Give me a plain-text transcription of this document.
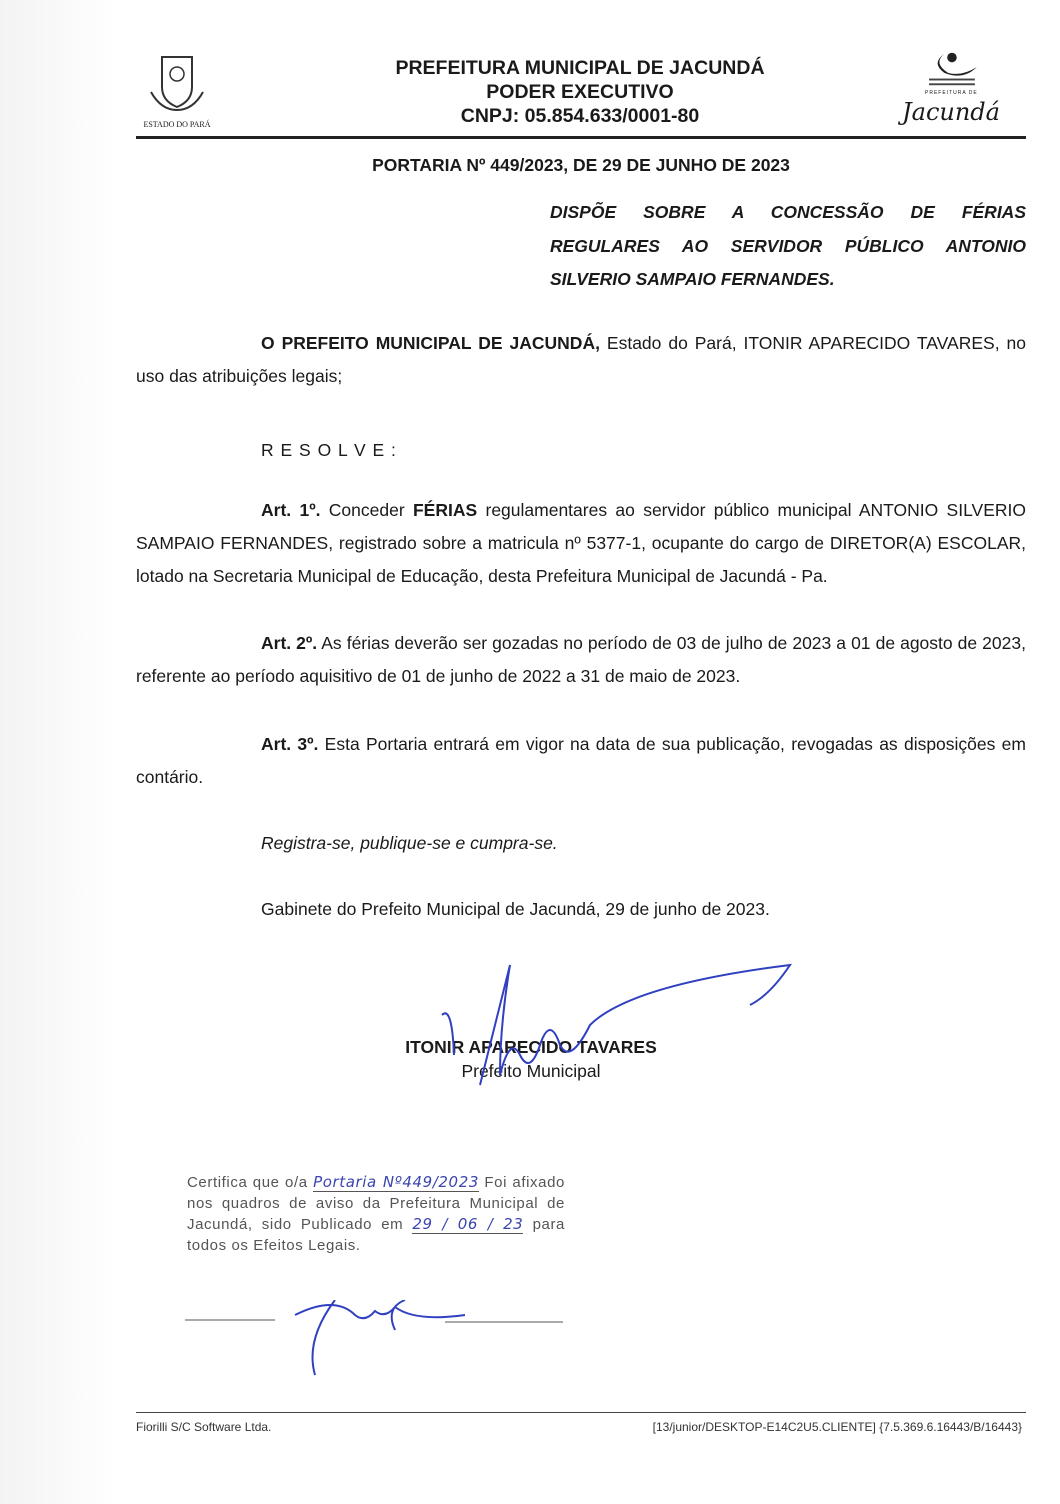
ESTADO DO PARÁ
PREFEITURA MUNICIPAL DE JACUNDÁ
PODER EXECUTIVO
CNPJ: 05.854.633/0001-80
PREFEITURA DE
Jacundá
PORTARIA Nº 449/2023, DE 29 DE JUNHO DE 2023
DISPÕE SOBRE A CONCESSÃO DE FÉRIAS REGULARES AO SERVIDOR PÚBLICO ANTONIO SILVERIO SAMPAIO FERNANDES.
O PREFEITO MUNICIPAL DE JACUNDÁ, Estado do Pará, ITONIR APARECIDO TAVARES, no uso das atribuições legais;
R E S O L V E :
Art. 1º. Conceder FÉRIAS regulamentares ao servidor público municipal ANTONIO SILVERIO SAMPAIO FERNANDES, registrado sobre a matricula nº 5377-1, ocupante do cargo de DIRETOR(A) ESCOLAR, lotado na Secretaria Municipal de Educação, desta Prefeitura Municipal de Jacundá - Pa.
Art. 2º. As férias deverão ser gozadas no período de 03 de julho de 2023 a 01 de agosto de 2023, referente ao período aquisitivo de 01 de junho de 2022 a 31 de maio de 2023.
Art. 3º. Esta Portaria entrará em vigor na data de sua publicação, revogadas as disposições em contário.
Registra-se, publique-se e cumpra-se.
Gabinete do Prefeito Municipal de Jacundá, 29 de junho de 2023.
ITONIR APARECIDO TAVARES
Prefeito Municipal
Certifica que o/a Portaria Nº449/2023 Foi afixado nos quadros de aviso da Prefeitura Municipal de Jacundá, sido Publicado em 29 / 06 / 23 para todos os Efeitos Legais.
Fiorilli S/C Software Ltda.	[13/junior/DESKTOP-E14C2U5.CLIENTE] {7.5.369.6.16443/B/16443}
